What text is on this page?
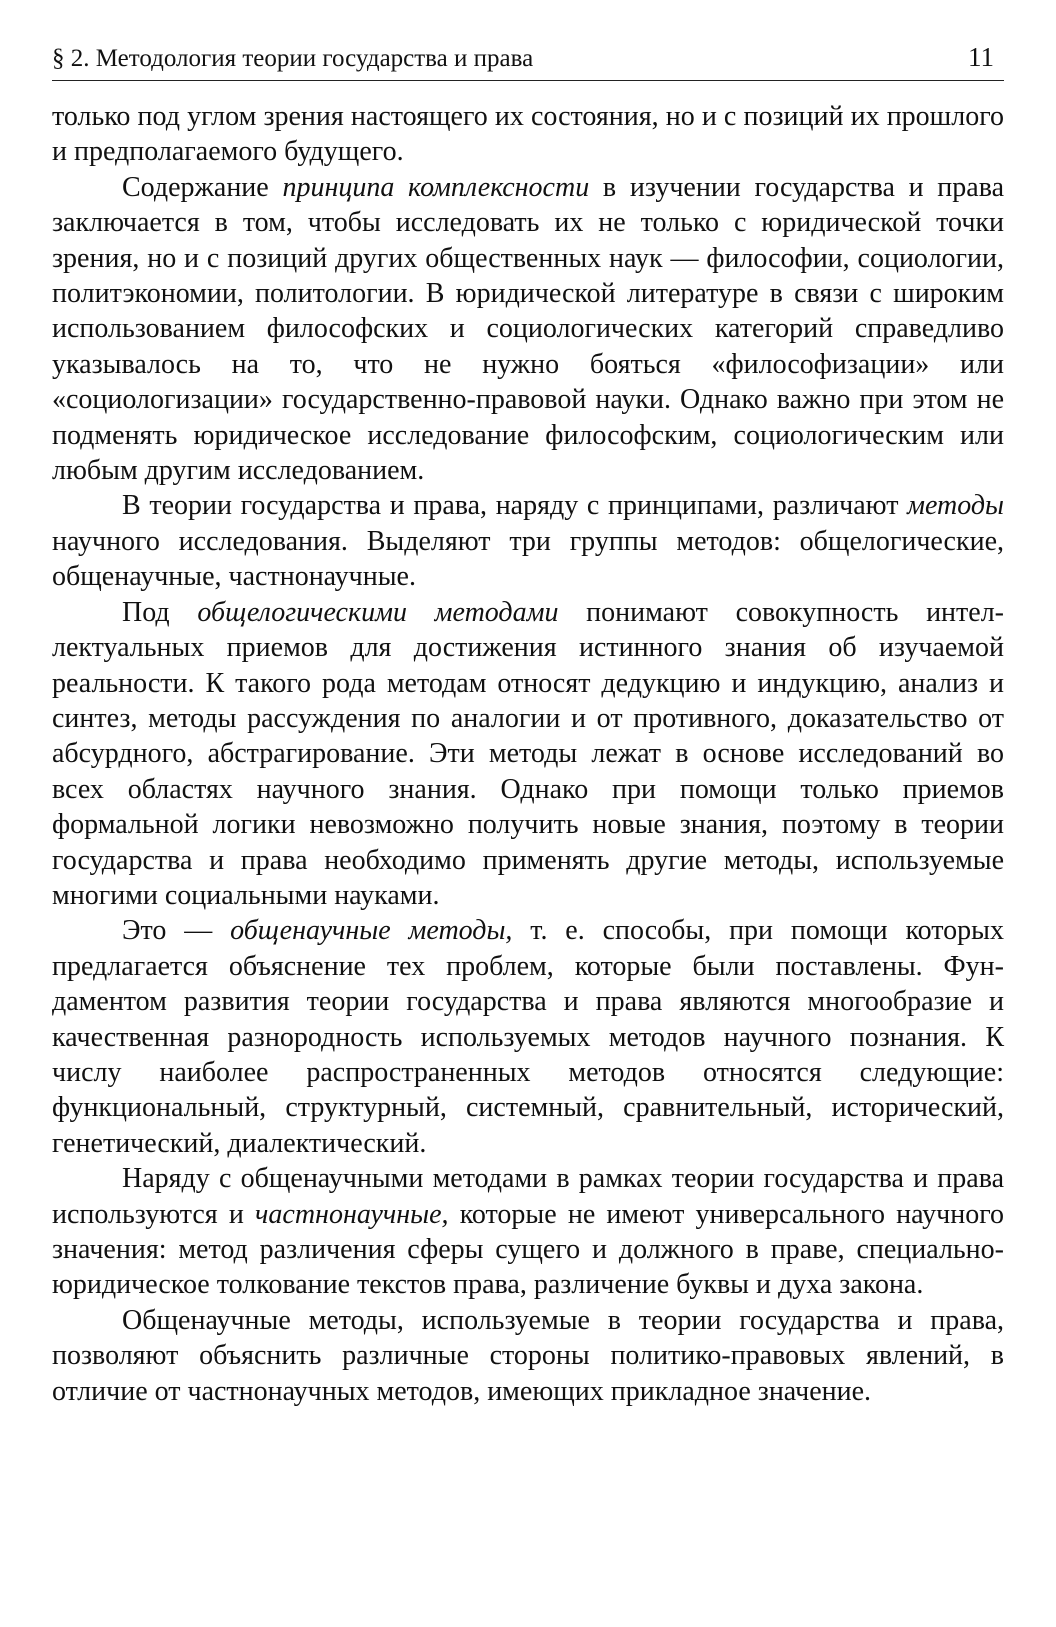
§ 2. Методология теории государства и права	11

только под углом зрения настоящего их состояния, но и с позиций их прошлого и предполагаемого будущего.

Содержание принципа комплексности в изучении государства и права заключается в том, чтобы исследовать их не только с юридической точки зрения, но и с позиций других общественных наук — философии, социологии, политэкономии, политологии. В юридической литературе в связи с широким использованием философских и социологических категорий справедливо указывалось на то, что не нужно бояться «философизации» или «социологизации» государственно-правовой науки. Однако важно при этом не подменять юридическое исследование философским, социологическим или любым другим исследованием.

В теории государства и права, наряду с принципами, различают методы научного исследования. Выделяют три группы методов: общелогические, общенаучные, частнонаучные.

Под общелогическими методами понимают совокупность интеллектуальных приемов для достижения истинного знания об изучаемой реальности. К такого рода методам относят дедукцию и индукцию, анализ и синтез, методы рассуждения по аналогии и от противного, доказательство от абсурдного, абстрагирование. Эти методы лежат в основе исследований во всех областях научного знания. Однако при помощи только приемов формальной логики невозможно получить новые знания, поэтому в теории государства и права необходимо применять другие методы, используемые многими социальными науками.

Это — общенаучные методы, т. е. способы, при помощи которых предлагается объяснение тех проблем, которые были поставлены. Фундаментом развития теории государства и права являются многообразие и качественная разнородность используемых методов научного познания. К числу наиболее распространенных методов относятся следующие: функциональный, структурный, системный, сравнительный, исторический, генетический, диалектический.

Наряду с общенаучными методами в рамках теории государства и права используются и частнонаучные, которые не имеют универсального научного значения: метод различения сферы сущего и должного в праве, специально-юридическое толкование текстов права, различение буквы и духа закона.

Общенаучные методы, используемые в теории государства и права, позволяют объяснить различные стороны политико-правовых явлений, в отличие от частнонаучных методов, имеющих прикладное значение.
